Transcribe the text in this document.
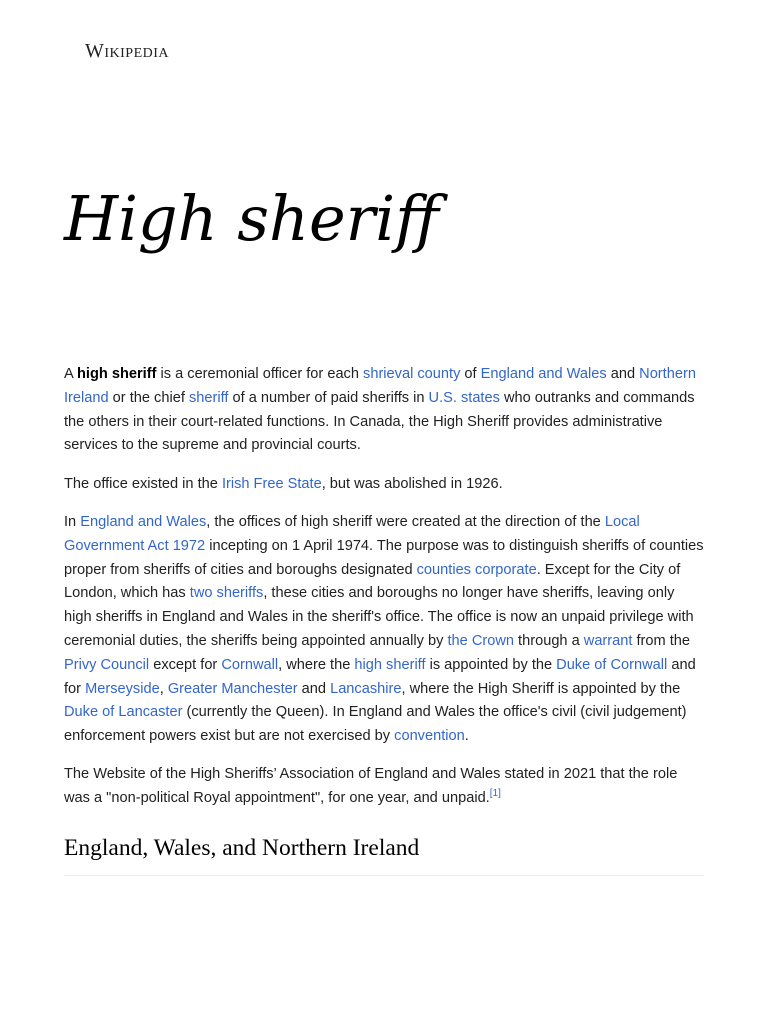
Wikipedia
High sheriff

A high sheriff is a ceremonial officer for each shrieval county of England and Wales and Northern Ireland or the chief sheriff of a number of paid sheriffs in U.S. states who outranks and commands the others in their court-related functions. In Canada, the High Sheriff provides administrative services to the supreme and provincial courts.

The office existed in the Irish Free State, but was abolished in 1926.

In England and Wales, the offices of high sheriff were created at the direction of the Local Government Act 1972 incepting on 1 April 1974. The purpose was to distinguish sheriffs of counties proper from sheriffs of cities and boroughs designated counties corporate. Except for the City of London, which has two sheriffs, these cities and boroughs no longer have sheriffs, leaving only high sheriffs in England and Wales in the sheriff's office. The office is now an unpaid privilege with ceremonial duties, the sheriffs being appointed annually by the Crown through a warrant from the Privy Council except for Cornwall, where the high sheriff is appointed by the Duke of Cornwall and for Merseyside, Greater Manchester and Lancashire, where the High Sheriff is appointed by the Duke of Lancaster (currently the Queen). In England and Wales the office's civil (civil judgement) enforcement powers exist but are not exercised by convention.

The Website of the High Sheriffs’ Association of England and Wales stated in 2021 that the role was a "non-political Royal appointment", for one year, and unpaid.[1]

England, Wales, and Northern Ireland
